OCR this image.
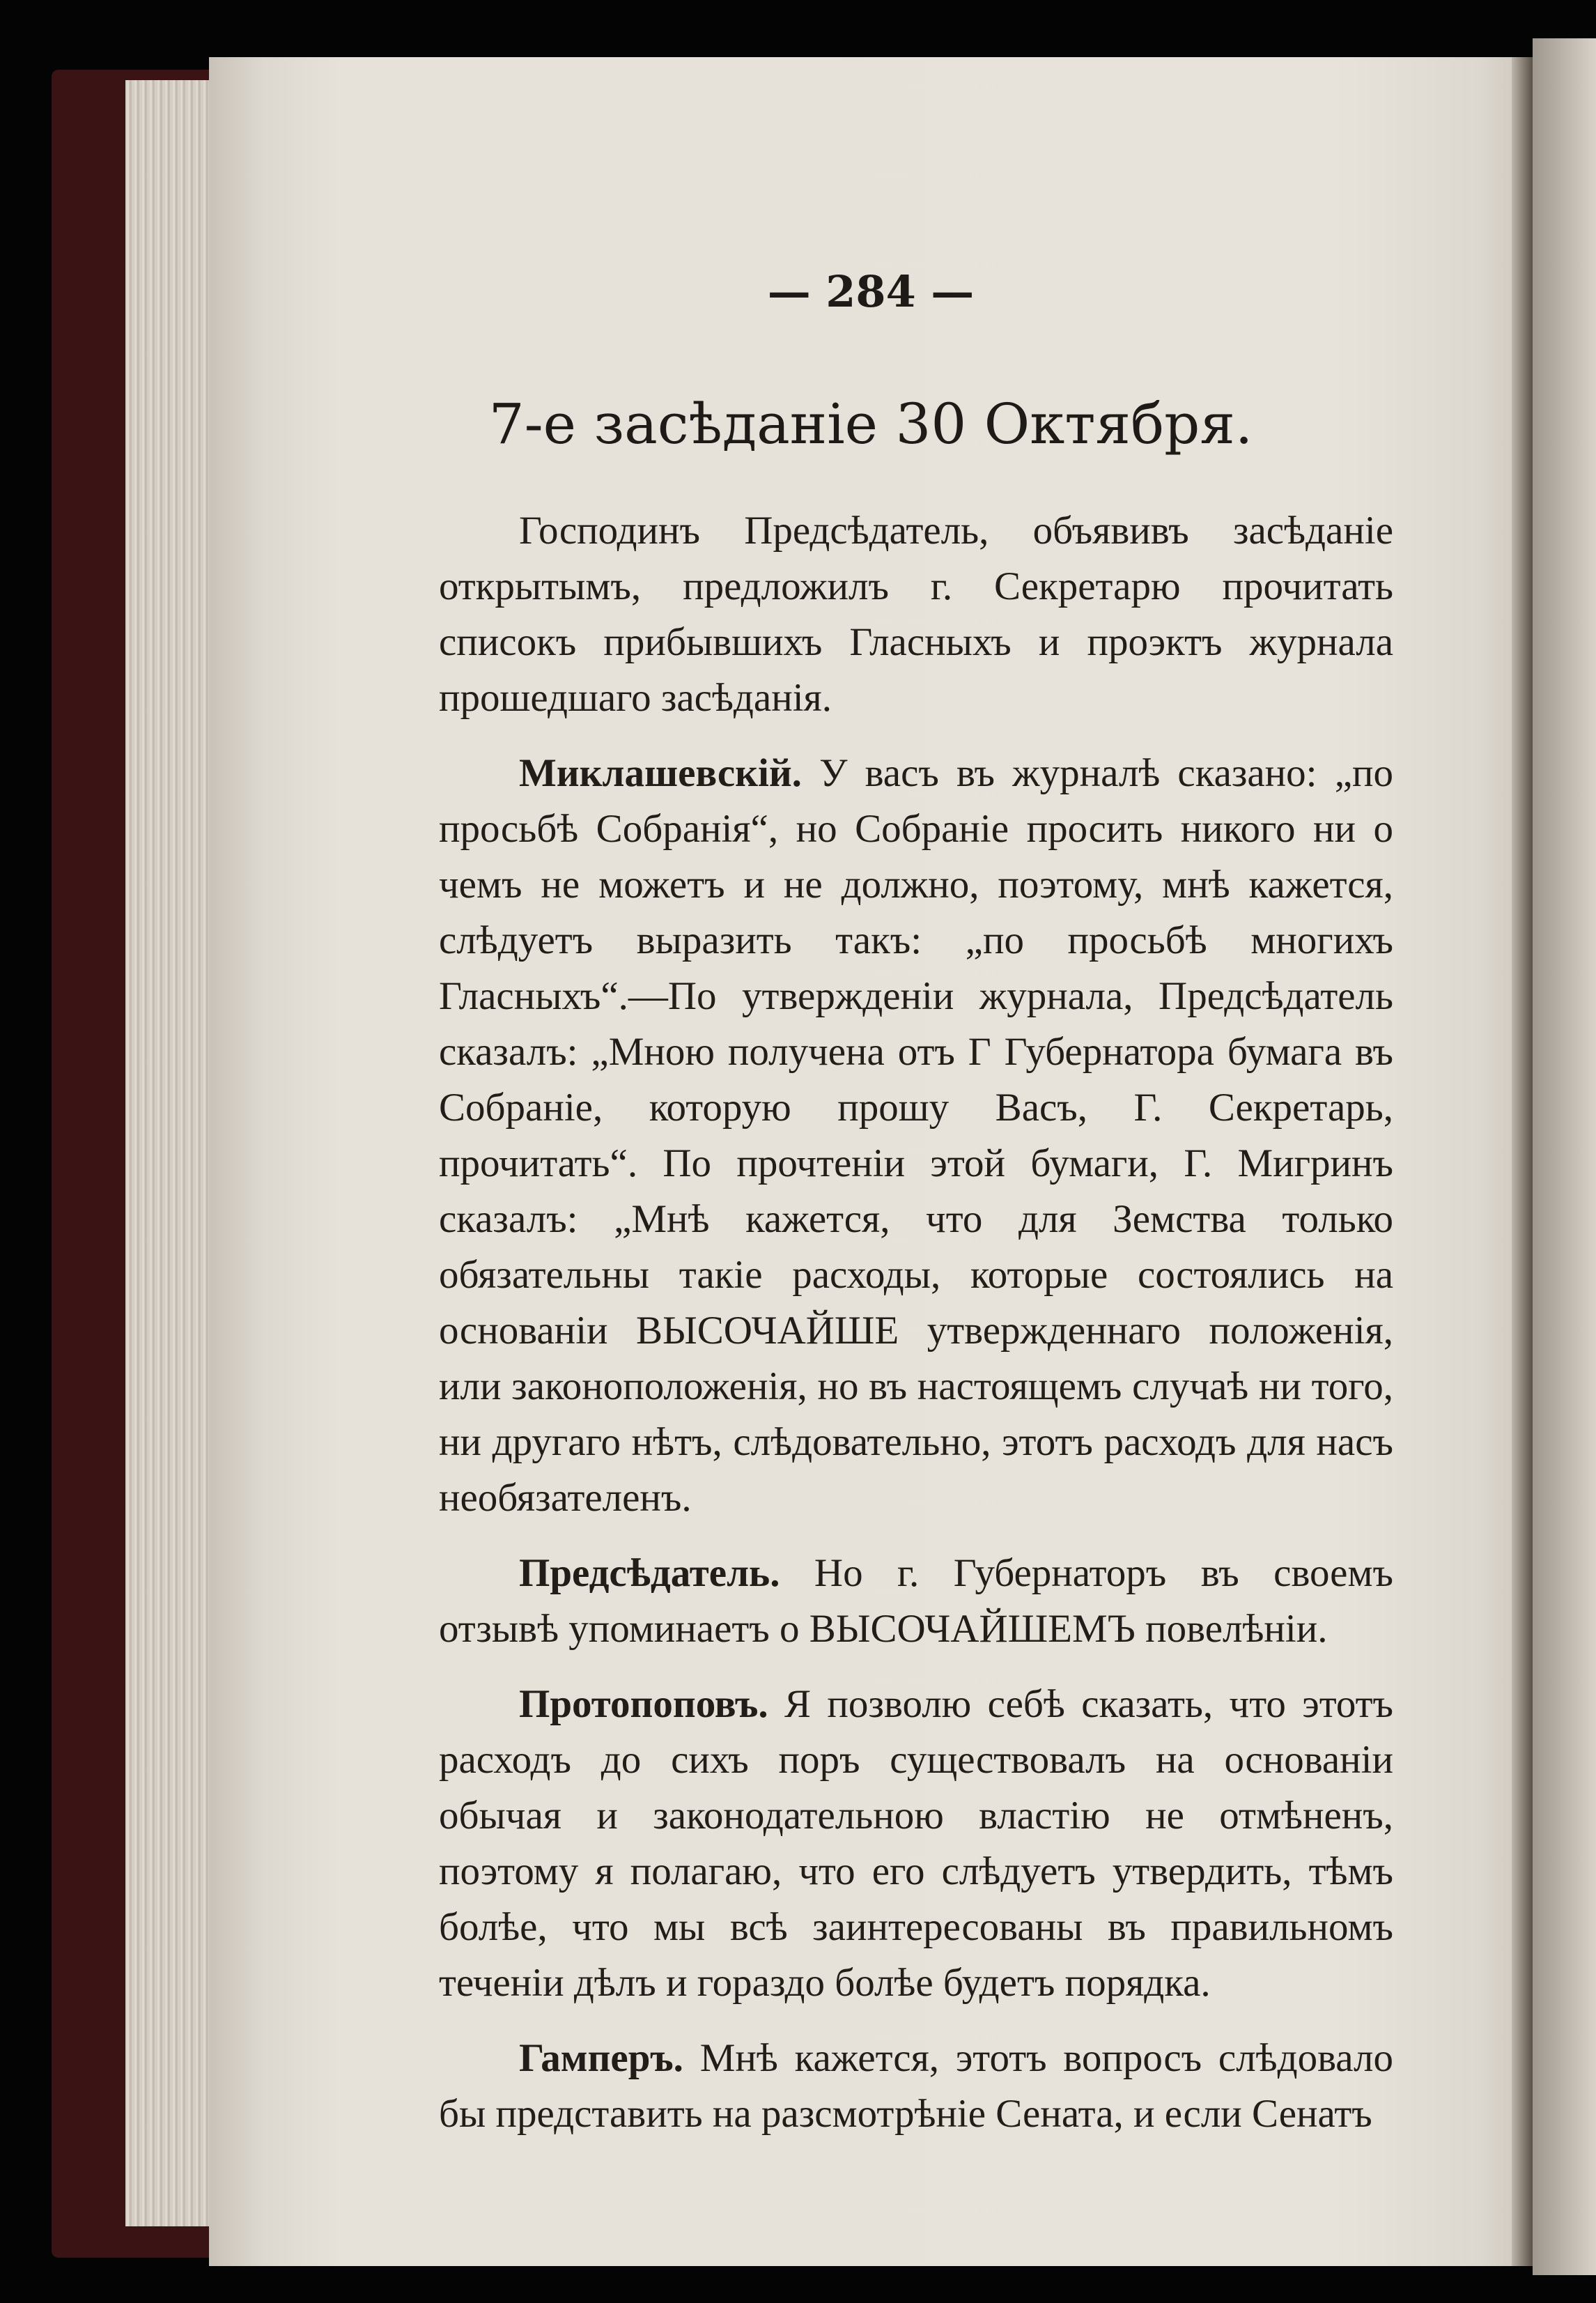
— 284 —
7-е засѣданіе 30 Октября.

Господинъ Предсѣдатель, объявивъ засѣданіе открытымъ, предложилъ г. Секретарю прочитать списокъ прибывшихъ Гласныхъ и проэктъ журнала прошедшаго засѣданія.

Миклашевскій. У васъ въ журналѣ сказано: „по просьбѣ Собранія“, но Собраніе просить никого ни о чемъ не можетъ и не должно, поэтому, мнѣ кажется, слѣдуетъ выразить такъ: „по просьбѣ многихъ Гласныхъ“.—По утвержденіи журнала, Предсѣдатель сказалъ: „Мною получена отъ Г Губернатора бумага въ Собраніе, которую прошу Васъ, Г. Секретарь, прочитать“. По прочтеніи этой бумаги, Г. Мигринъ сказалъ: „Мнѣ кажется, что для Земства только обязательны такіе расходы, которые состоялись на основаніи ВЫСОЧАЙШЕ утвержденнаго положенія, или законоположенія, но въ настоящемъ случаѣ ни того, ни другаго нѣтъ, слѣдовательно, этотъ расходъ для насъ необязателенъ.

Предсѣдатель. Но г. Губернаторъ въ своемъ отзывѣ упоминаетъ о ВЫСОЧАЙШЕМЪ повелѣніи.

Протопоповъ. Я позволю себѣ сказать, что этотъ расходъ до сихъ поръ существовалъ на основаніи обычая и законодательною властію не отмѣненъ, поэтому я полагаю, что его слѣдуетъ утвердить, тѣмъ болѣе, что мы всѣ заинтересованы въ правильномъ теченіи дѣлъ и гораздо болѣе будетъ порядка.

Гамперъ. Мнѣ кажется, этотъ вопросъ слѣдовало бы представить на разсмотрѣніе Сената, и если Сенатъ
